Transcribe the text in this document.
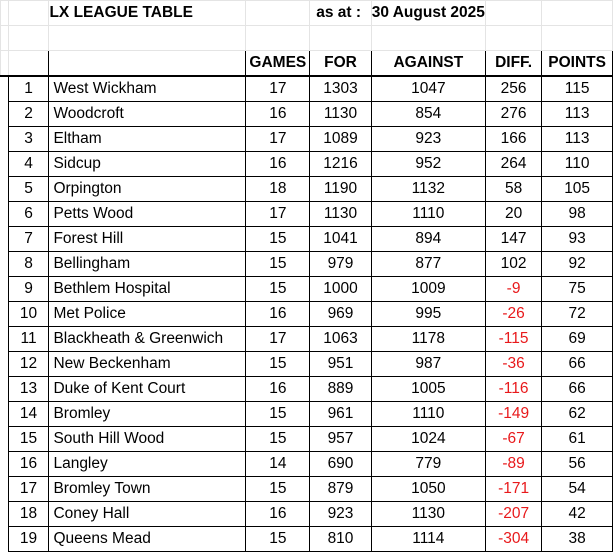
		LX LEAGUE TABLE		as at :	30 August 2025		

			GAMES	FOR	AGAINST	DIFF.	POINTS
	1	West Wickham	17	1303	1047	256	115
	2	Woodcroft	16	1130	854	276	113
	3	Eltham	17	1089	923	166	113
	4	Sidcup	16	1216	952	264	110
	5	Orpington	18	1190	1132	58	105
	6	Petts Wood	17	1130	1110	20	98
	7	Forest Hill	15	1041	894	147	93
	8	Bellingham	15	979	877	102	92
	9	Bethlem Hospital	15	1000	1009	-9	75
	10	Met Police	16	969	995	-26	72
	11	Blackheath & Greenwich	17	1063	1178	-115	69
	12	New Beckenham	15	951	987	-36	66
	13	Duke of Kent Court	16	889	1005	-116	66
	14	Bromley	15	961	1110	-149	62
	15	South Hill Wood	15	957	1024	-67	61
	16	Langley	14	690	779	-89	56
	17	Bromley Town	15	879	1050	-171	54
	18	Coney Hall	16	923	1130	-207	42
	19	Queens Mead	15	810	1114	-304	38
